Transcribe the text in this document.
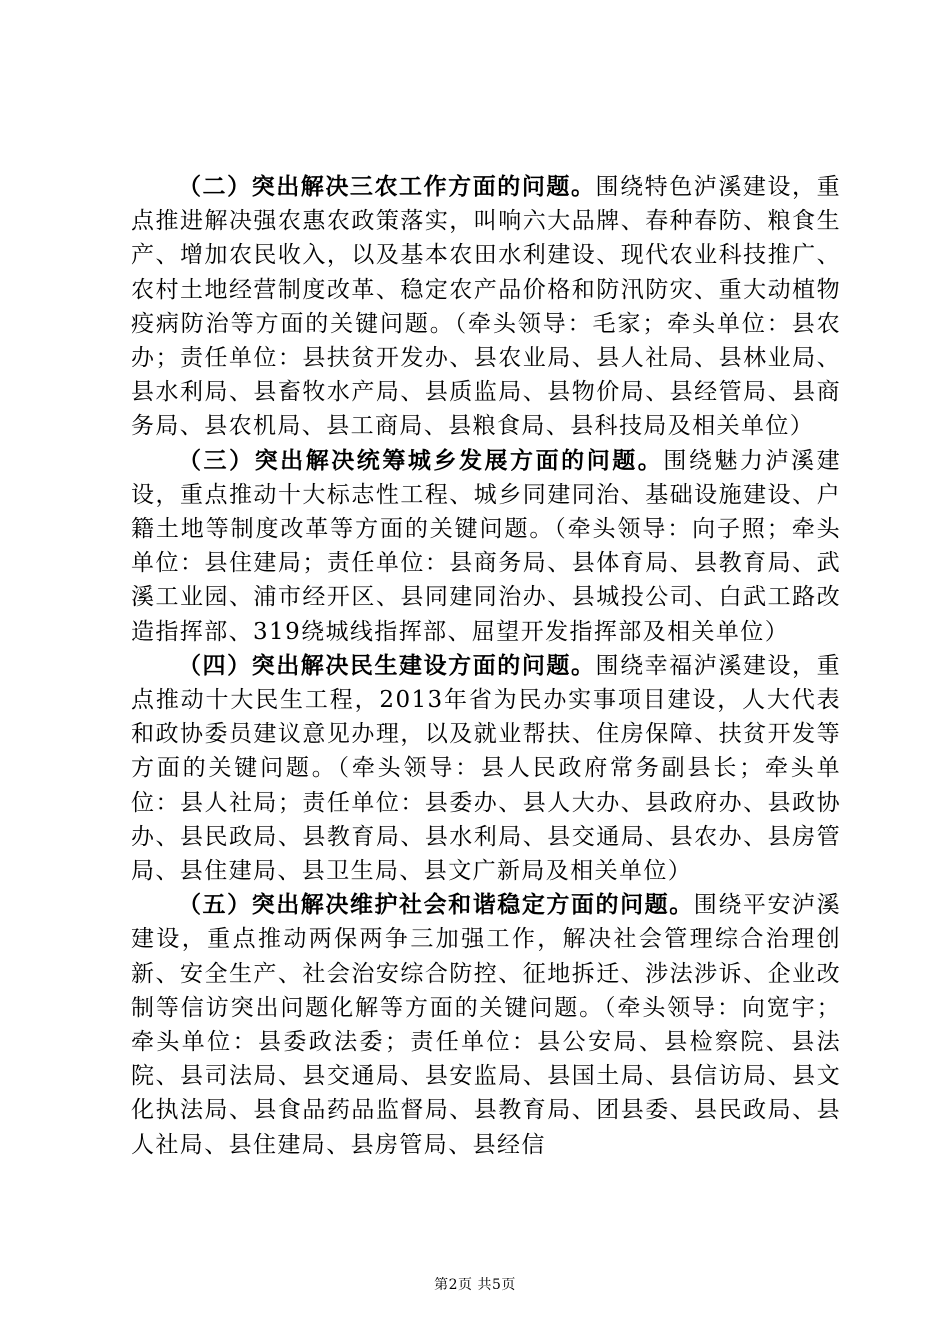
（二）突出解决三农工作方面的问题。围绕特色泸溪建设，重点推进解决强农惠农政策落实，叫响六大品牌、春种春防、粮食生产、增加农民收入，以及基本农田水利建设、现代农业科技推广、农村土地经营制度改革、稳定农产品价格和防汛防灾、重大动植物疫病防治等方面的关键问题。（牵头领导：毛家；牵头单位：县农办；责任单位：县扶贫开发办、县农业局、县人社局、县林业局、县水利局、县畜牧水产局、县质监局、县物价局、县经管局、县商务局、县农机局、县工商局、县粮食局、县科技局及相关单位）

（三）突出解决统筹城乡发展方面的问题。围绕魅力泸溪建设，重点推动十大标志性工程、城乡同建同治、基础设施建设、户籍土地等制度改革等方面的关键问题。（牵头领导：向子照；牵头单位：县住建局；责任单位：县商务局、县体育局、县教育局、武溪工业园、浦市经开区、县同建同治办、县城投公司、白武工路改造指挥部、319绕城线指挥部、屈望开发指挥部及相关单位）

（四）突出解决民生建设方面的问题。围绕幸福泸溪建设，重点推动十大民生工程，2013年省为民办实事项目建设，人大代表和政协委员建议意见办理，以及就业帮扶、住房保障、扶贫开发等方面的关键问题。（牵头领导：县人民政府常务副县长；牵头单位：县人社局；责任单位：县委办、县人大办、县政府办、县政协办、县民政局、县教育局、县水利局、县交通局、县农办、县房管局、县住建局、县卫生局、县文广新局及相关单位）

（五）突出解决维护社会和谐稳定方面的问题。围绕平安泸溪建设，重点推动两保两争三加强工作，解决社会管理综合治理创新、安全生产、社会治安综合防控、征地拆迁、涉法涉诉、企业改制等信访突出问题化解等方面的关键问题。（牵头领导：向宽宇；牵头单位：县委政法委；责任单位：县公安局、县检察院、县法院、县司法局、县交通局、县安监局、县国土局、县信访局、县文化执法局、县食品药品监督局、县教育局、团县委、县民政局、县人社局、县住建局、县房管局、县经信

第2页 共5页
